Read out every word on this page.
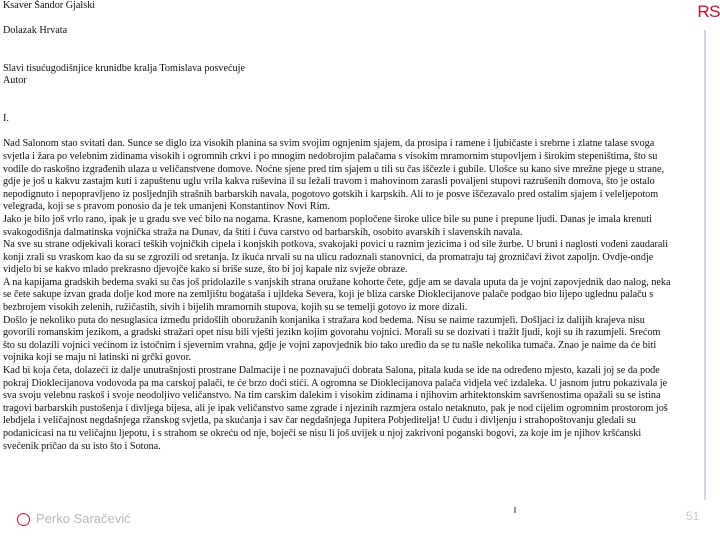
Ksaver Šandor Gjalski

Dolazak Hrvata

Slavi tisućugodišnjice krunidbe kralja Tomislava posvećuje

Autor

I.

Nad Salonom stao svitati dan. Sunce se diglo iza visokih planina sa svim svojim ognjenim sjajem, da prosipa i ramene i ljubičaste i srebrne i zlatne talase svoga svjetla i žara po velebnim zidinama visokih i ogromnih crkvi i po mnogim nedobrojim palačama s visokim mramornim stupovljem i širokim stepeništima, što su vodile do raskošno izgrađenih ulaza u veličanstvene domove. Noćne sjene pred tim sjajem u tili su čas iščezle i gubile. Ulošce su kano sive mrežne pjege u strane, gdje je još u kakvu zastajm kuti i zapuštenu uglu vrila kakva ruševina il su ležali travom i mahovinom zarasli povaljeni stupovi razrušenih domova, što je ostalo nepodignuto i nepopravljeno iz posljednjih strašnih barbarskih navala, pogotovo gotskih i karpskih. Ali to je posve iščezavalo pred ostalim sjajem i veleljepotom velegrada, koji se s pravom ponosio da je tek umanjeni Konstantinov Novi Rim.

Jako je bilo još vrlo rano, ipak je u gradu sve već bilo na nogama. Krasne, kamenom popločene široke ulice bile su pune i prepune ljudi. Danas je imala krenuti svakogodišnja dalmatinska vojnička straža na Dunav, da štiti i čuva carstvo od barbarskih, osobito avarskih i slavenskih navala.

Na sve su strane odjekivali koraci teških vojničkih cipela i konjskih potkova, svakojaki povici u raznim jezicima i od sile žurbe. U bruni i naglosti vođeni zaudarali konji zrali su vraskom kao da su se zgrozili od sretanja. Iz ikuća nrvali su na ulicu radoznali stanovnici, da promatraju taj grozničavi život zapoljn. Ovdje-ondje vidjelo bi se kakvo mlado prekrasno djevojče kako si briše suze, što bi joj kapale niz svježe obraze.

A na kapijama gradskih bedema svaki su čas još pridolazile s vanjskih strana oružane kohorte čete, gdje am se davala uputa da je vojni zapovjednik dao nalog, neka se čete sakupe izvan grada dolje kod more na zemljištu bogataša i ujldeka Severa, koji je bliza carske Dioklecijanove palače podgao bio lijepo uglednu palaču s bezbrojem visokih zelenih, ružičastih, sivih i bijelih mramornih stupova, kojih su se temelji gotovo iz more dizali.

Došlo je nekoliko puta do nesuglasica između pridošlih oboružanih konjanika i stražara kod bedema. Nisu se naime razumjeli. Došljaci iz dalijih krajeva nisu govorili romanskim jezikom, a gradski stražari opet nisu bili vješti jezikn kojim govorahu vojnici. Morali su se dozivati i tražit ljudi, koji su ih razumjeli. Srećom što su dolazili vojnici većinom iz istočnim i sjevernim vrahna, gdje je vojni zapovjednik bio tako uređio da se tu našle nekolika tumača. Znao je naime da će biti vojnika koji se maju ni latinski ni grčki govor.

Kad bi koja četa, dolazeći iz dalje unutrašnjosti prostrane Dalmacije i ne poznavajući dobrata Salona, pitala kuda se ide na određeno mjesto, kazali joj se da pođe pokraj Dioklecijanova vodovoda pa ma carskoj palači, te će brzo doći stići. A ogromna se Dioklecijanova palača vidjela već izdaleka. U jasnom jutru pokazivala je sva svoju velebnu raskoš i svoje neodoljivo veličanstvo. Na tim carskim dalekim i visokim zidinama i njihovim arhitektonskim savršenostima opažali su se istina tragovi barbarskih pustošenja i divljega bijesa, ali je ipak veličanstvo same zgrade i njezinih razmjera ostalo netaknuto, pak je nod cijelim ogromnim prostorom još lebdjela i veličajnost negdašnjega ržanskog svjetla, pa skućanja i sav čar negdašnjega Jupitera Pobjeditelja! U čudu i divljenju i strahopoštovanju gledali su podanicicasi na tu veličajnu ljepotu, i s strahom se okreću od nje, boječi se nisu li još uvijek u njoj zakrivoni poganski bogovi, za koje im je njihov kršćanski svećenik pričao da su isto što i Sotona.

RS
Perko Saračević	51
